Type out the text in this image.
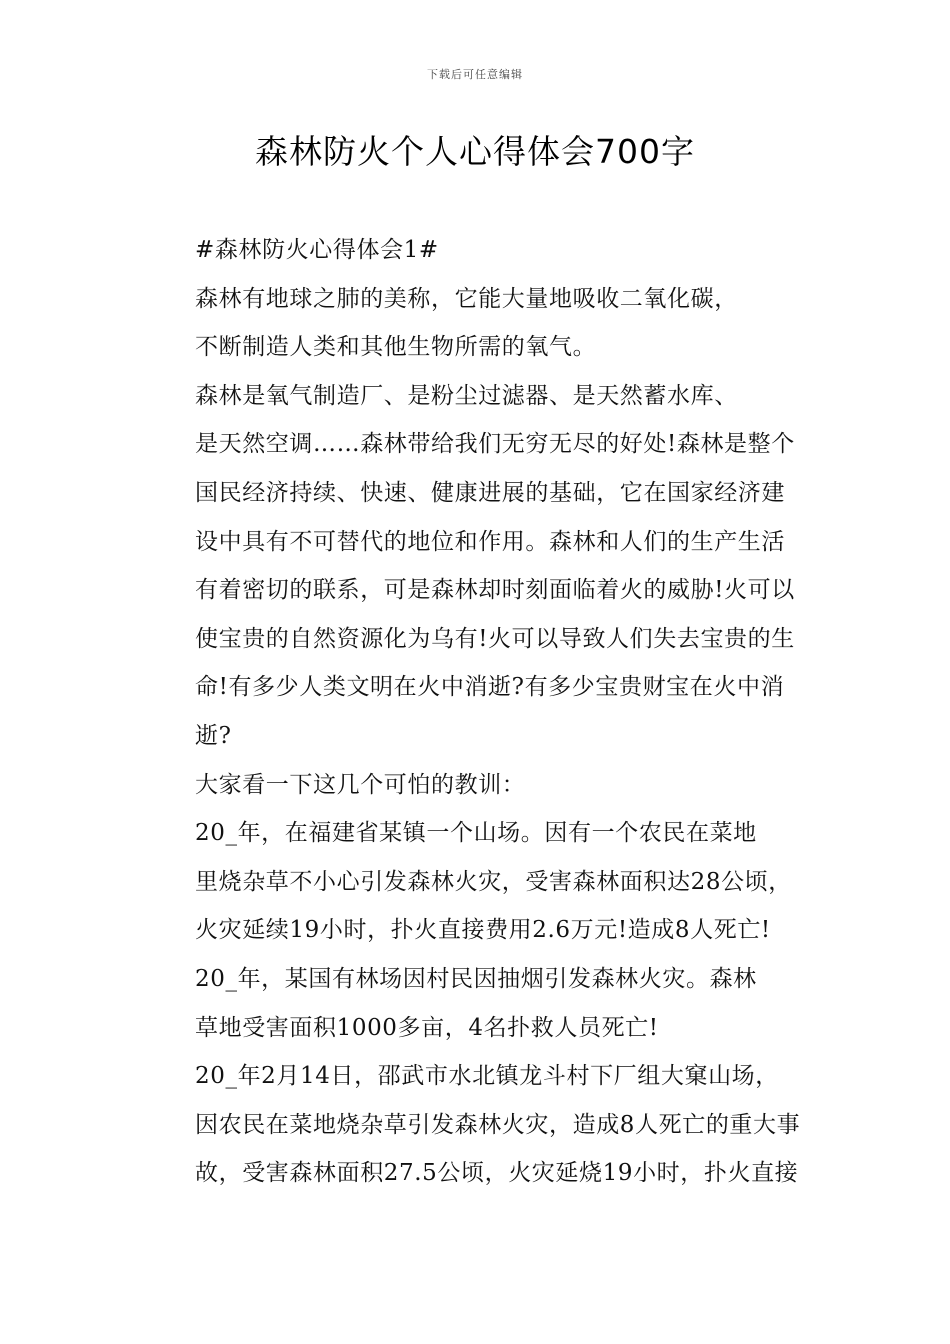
下载后可任意编辑
森林防火个人心得体会700字

#森林防火心得体会1#

森林有地球之肺的美称，它能大量地吸收二氧化碳，
不断制造人类和其他生物所需的氧气。

森林是氧气制造厂、是粉尘过滤器、是天然蓄水库、
是天然空调……森林带给我们无穷无尽的好处!森林是整个
国民经济持续、快速、健康进展的基础，它在国家经济建
设中具有不可替代的地位和作用。森林和人们的生产生活
有着密切的联系，可是森林却时刻面临着火的威胁!火可以
使宝贵的自然资源化为乌有!火可以导致人们失去宝贵的生
命!有多少人类文明在火中消逝?有多少宝贵财宝在火中消
逝?

大家看一下这几个可怕的教训：

20_年，在福建省某镇一个山场。因有一个农民在菜地
里烧杂草不小心引发森林火灾，受害森林面积达28公顷，
火灾延续19小时，扑火直接费用2.6万元!造成8人死亡!

20_年，某国有林场因村民因抽烟引发森林火灾。森林
草地受害面积1000多亩，4名扑救人员死亡!

20_年2月14日，邵武市水北镇龙斗村下厂组大窠山场，
因农民在菜地烧杂草引发森林火灾，造成8人死亡的重大事
故，受害森林面积27.5公顷，火灾延烧19小时，扑火直接
